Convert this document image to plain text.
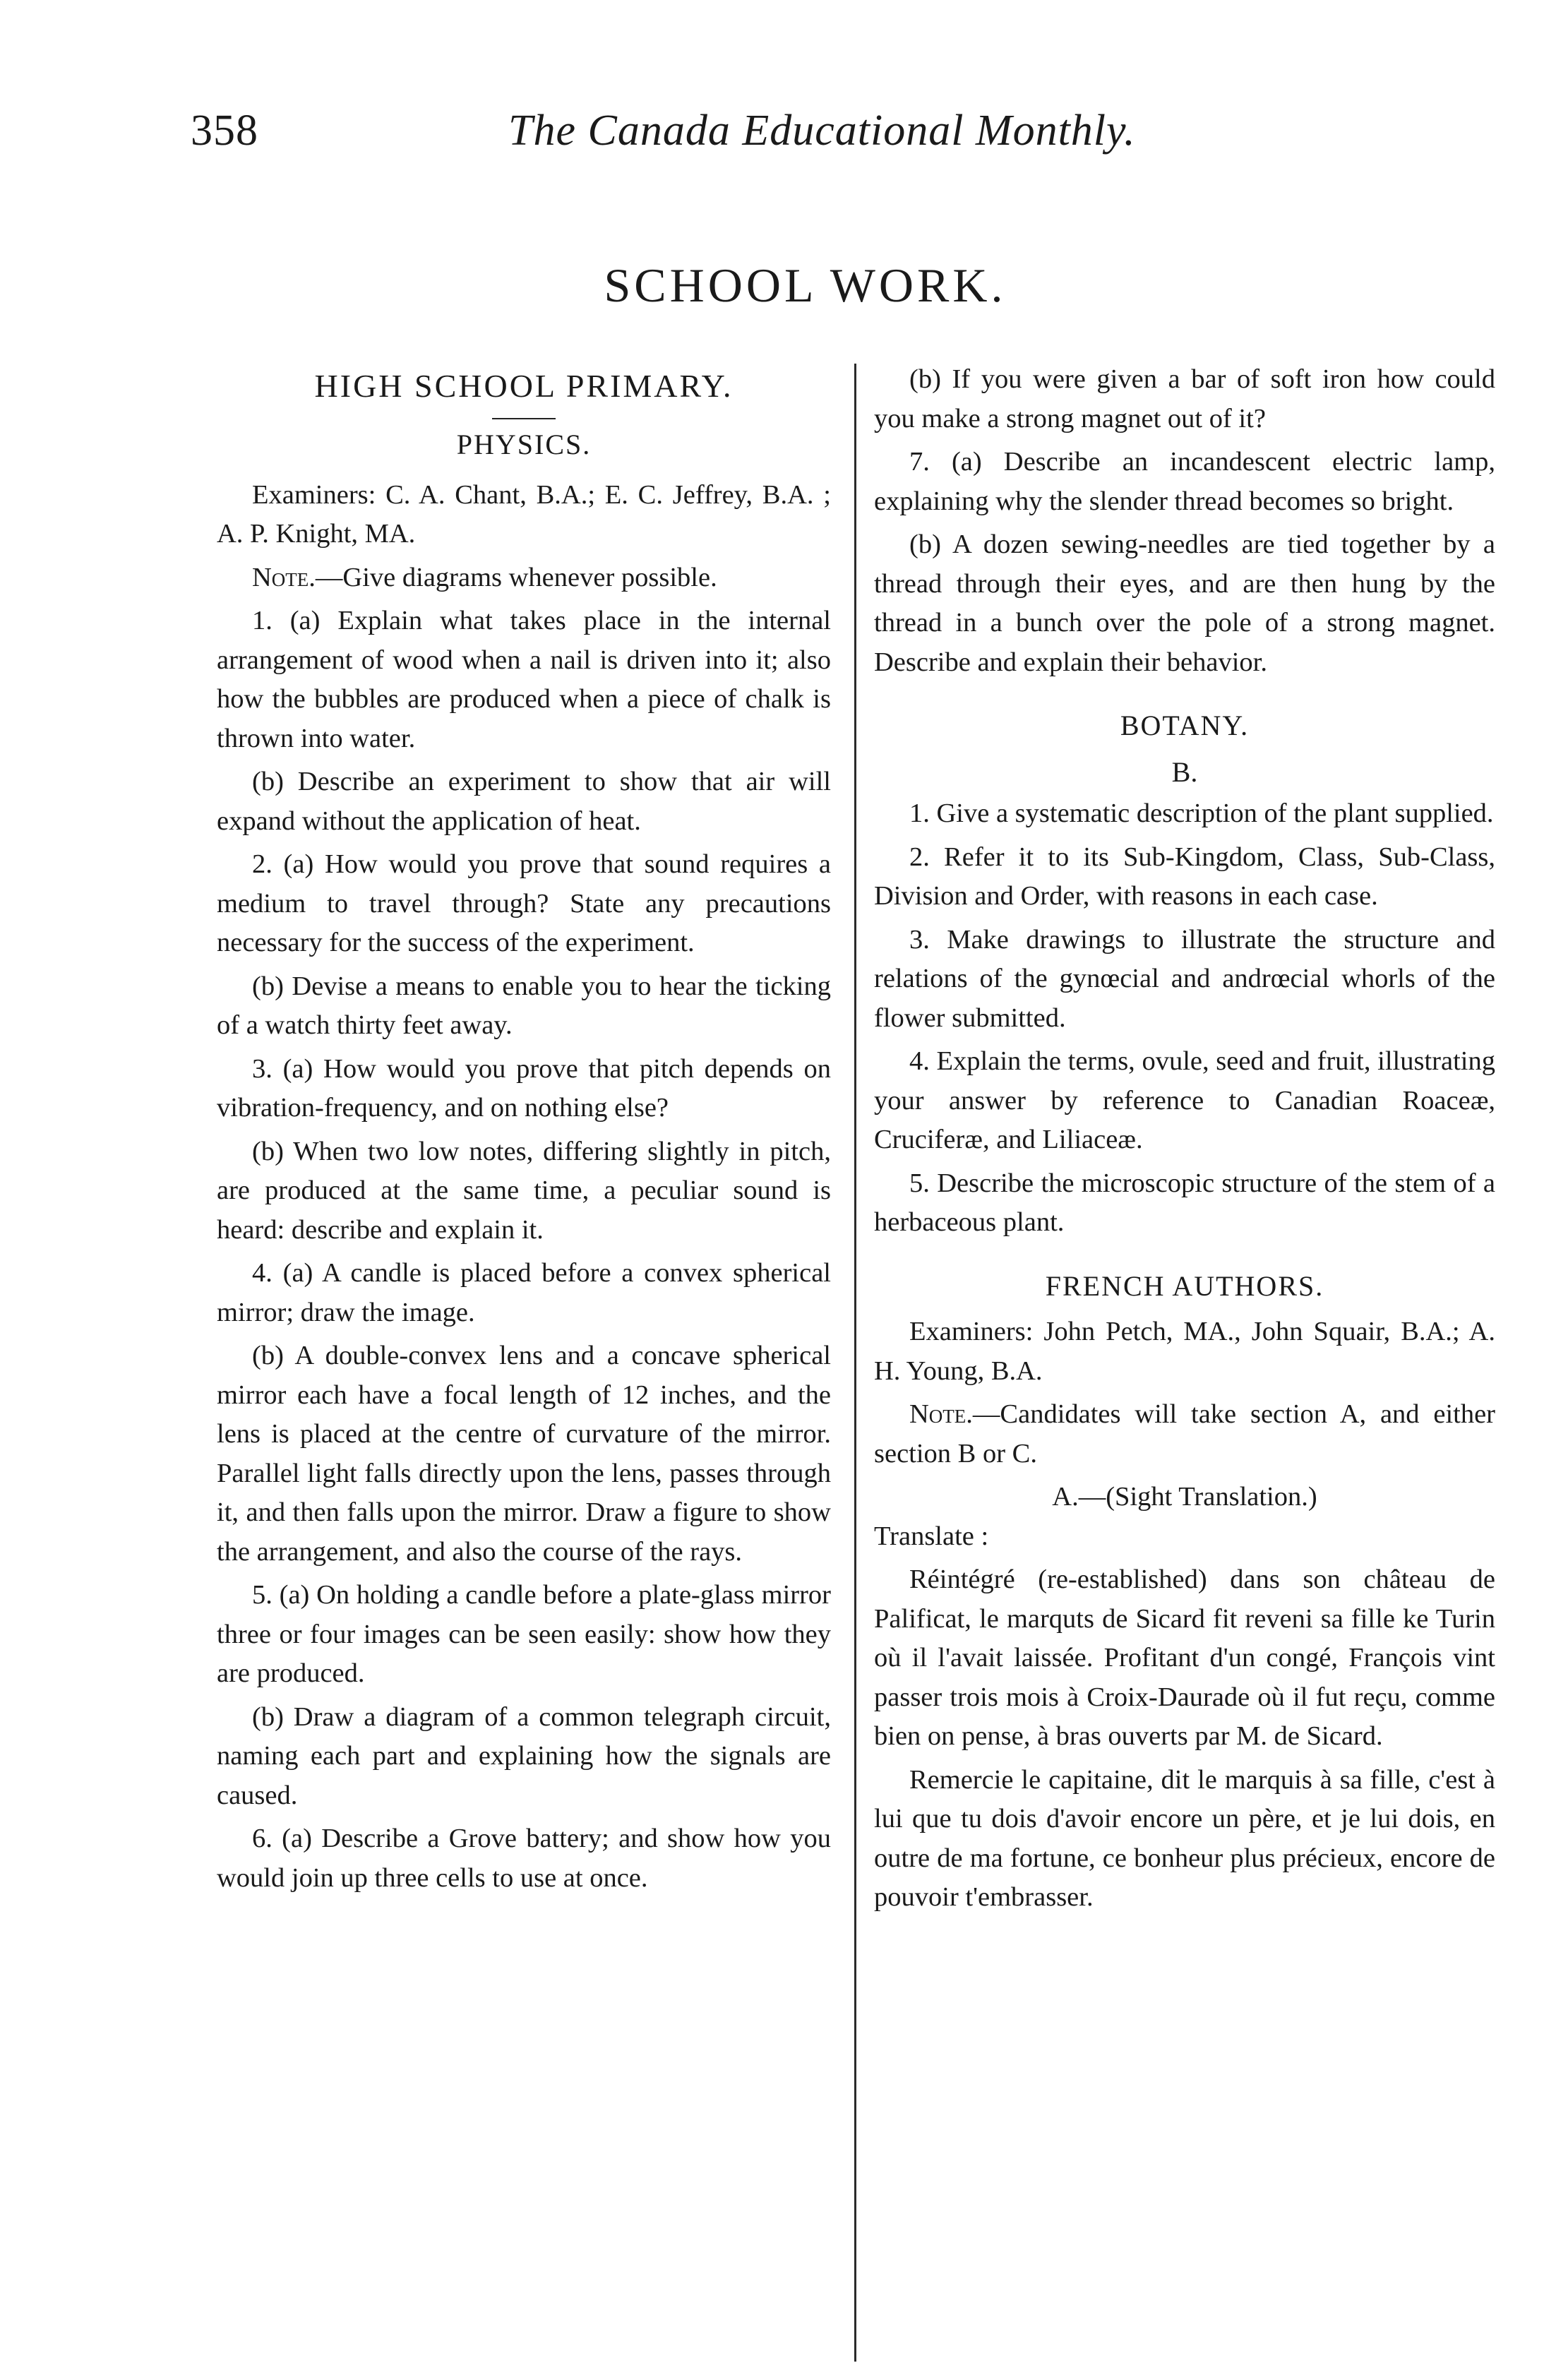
358	The Canada Educational Monthly.
SCHOOL WORK.
HIGH SCHOOL PRIMARY.
PHYSICS.

Examiners: C. A. Chant, B.A.; E. C. Jeffrey, B.A. ; A. P. Knight, MA.

Note.—Give diagrams whenever possible.

1. (a) Explain what takes place in the internal arrangement of wood when a nail is driven into it; also how the bubbles are produced when a piece of chalk is thrown into water.

(b) Describe an experiment to show that air will expand without the application of heat.

2. (a) How would you prove that sound requires a medium to travel through? State any precautions necessary for the success of the experiment.

(b) Devise a means to enable you to hear the ticking of a watch thirty feet away.

3. (a) How would you prove that pitch depends on vibration-frequency, and on nothing else?

(b) When two low notes, differing slightly in pitch, are produced at the same time, a peculiar sound is heard: describe and explain it.

4. (a) A candle is placed before a convex spherical mirror; draw the image.

(b) A double-convex lens and a concave spherical mirror each have a focal length of 12 inches, and the lens is placed at the centre of curvature of the mirror. Parallel light falls directly upon the lens, passes through it, and then falls upon the mirror. Draw a figure to show the arrangement, and also the course of the rays.

5. (a) On holding a candle before a plate-glass mirror three or four images can be seen easily: show how they are produced.

(b) Draw a diagram of a common telegraph circuit, naming each part and explaining how the signals are caused.

6. (a) Describe a Grove battery; and show how you would join up three cells to use at once.

(b) If you were given a bar of soft iron how could you make a strong magnet out of it?

7. (a) Describe an incandescent electric lamp, explaining why the slender thread becomes so bright.

(b) A dozen sewing-needles are tied together by a thread through their eyes, and are then hung by the thread in a bunch over the pole of a strong magnet. Describe and explain their behavior.

BOTANY.
B.

1. Give a systematic description of the plant supplied.

2. Refer it to its Sub-Kingdom, Class, Sub-Class, Division and Order, with reasons in each case.

3. Make drawings to illustrate the structure and relations of the gynœcial and andrœcial whorls of the flower submitted.

4. Explain the terms, ovule, seed and fruit, illustrating your answer by reference to Canadian Roaceæ, Cruciferæ, and Liliaceæ.

5. Describe the microscopic structure of the stem of a herbaceous plant.

FRENCH AUTHORS.

Examiners: John Petch, MA., John Squair, B.A.; A. H. Young, B.A.

Note.—Candidates will take section A, and either section B or C.

A.—(Sight Translation.)

Translate :

Réintégré (re-established) dans son château de Palificat, le marquts de Sicard fit reveni sa fille ke Turin où il l'avait laissée. Profitant d'un congé, François vint passer trois mois à Croix-Daurade où il fut reçu, comme bien on pense, à bras ouverts par M. de Sicard.

Remercie le capitaine, dit le marquis à sa fille, c'est à lui que tu dois d'avoir encore un père, et je lui dois, en outre de ma fortune, ce bonheur plus précieux, encore de pouvoir t'embrasser.
